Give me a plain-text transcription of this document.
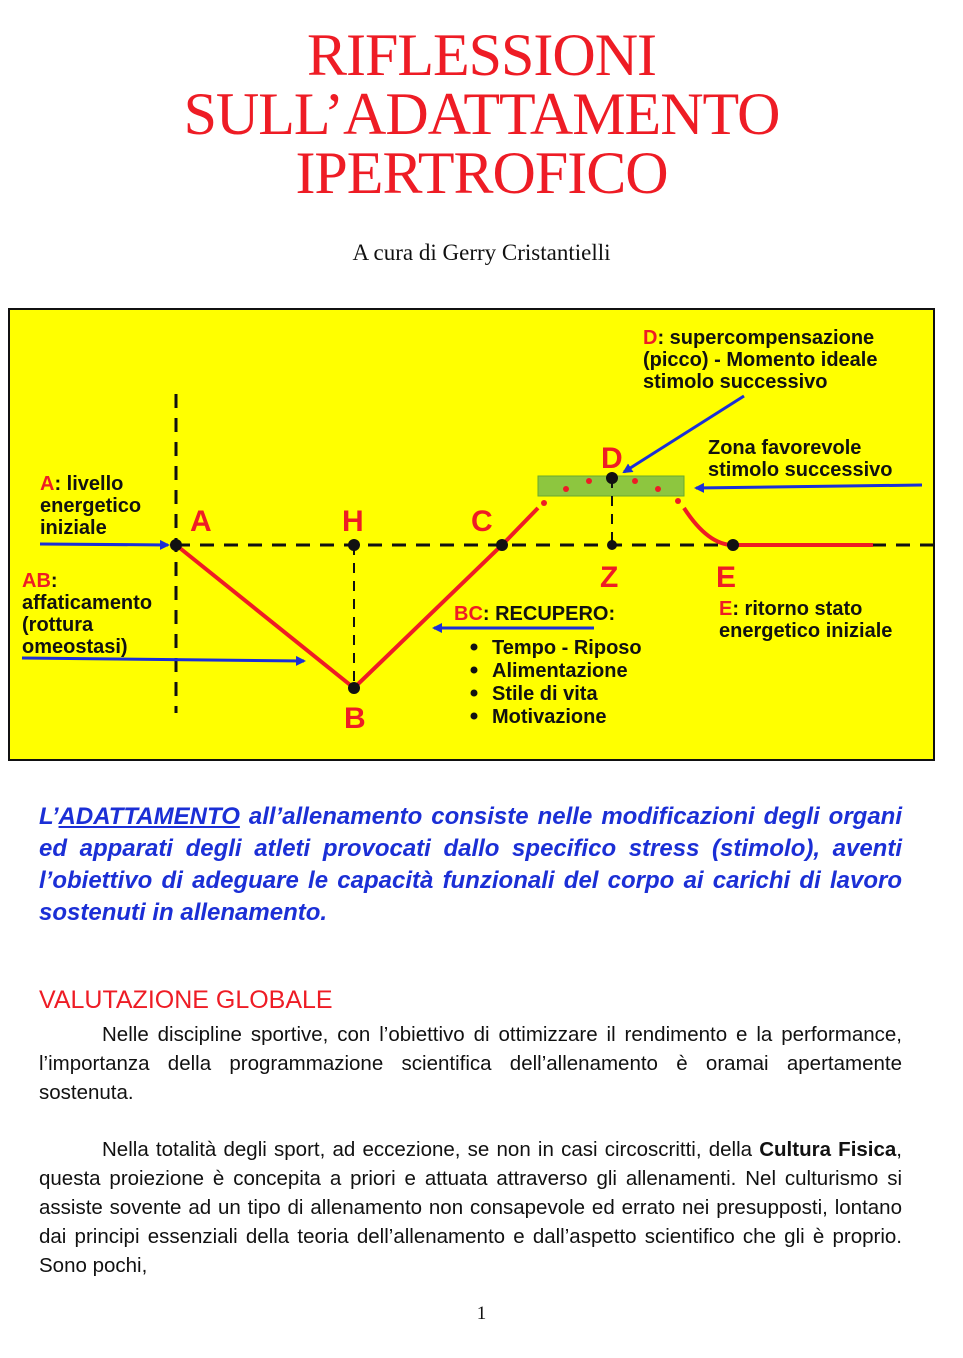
RIFLESSIONI
SULL’ADATTAMENTO
IPERTROFICO
A cura di Gerry Cristantielli
A	H	C
D
Z	E
B
D: supercompensazione
(picco) - Momento ideale
stimolo successivo
Zona favorevole
stimolo successivo
A: livello
energetico
iniziale
AB:
affaticamento
(rottura
omeostasi)
BC: RECUPERO:
Tempo - Riposo
Alimentazione
Stile di vita
Motivazione
E: ritorno stato
energetico iniziale

L’ADATTAMENTO all’allenamento consiste nelle modificazioni degli organi ed apparati degli atleti provocati dallo specifico stress (stimolo), aventi l’obiettivo di adeguare le capacità funzionali del corpo ai carichi di lavoro sostenuti in allenamento.

VALUTAZIONE GLOBALE

Nelle discipline sportive, con l’obiettivo di ottimizzare il rendimento e la performance, l’importanza della programmazione scientifica dell’allenamento è oramai apertamente sostenuta.

Nella totalità degli sport, ad eccezione, se non in casi circoscritti, della Cultura Fisica, questa proiezione è concepita a priori e attuata attraverso gli allenamenti. Nel culturismo si assiste sovente ad un tipo di allenamento non consapevole ed errato nei presupposti, lontano dai principi essenziali della teoria dell’allenamento e dall’aspetto scientifico che gli è proprio. Sono pochi,

1
